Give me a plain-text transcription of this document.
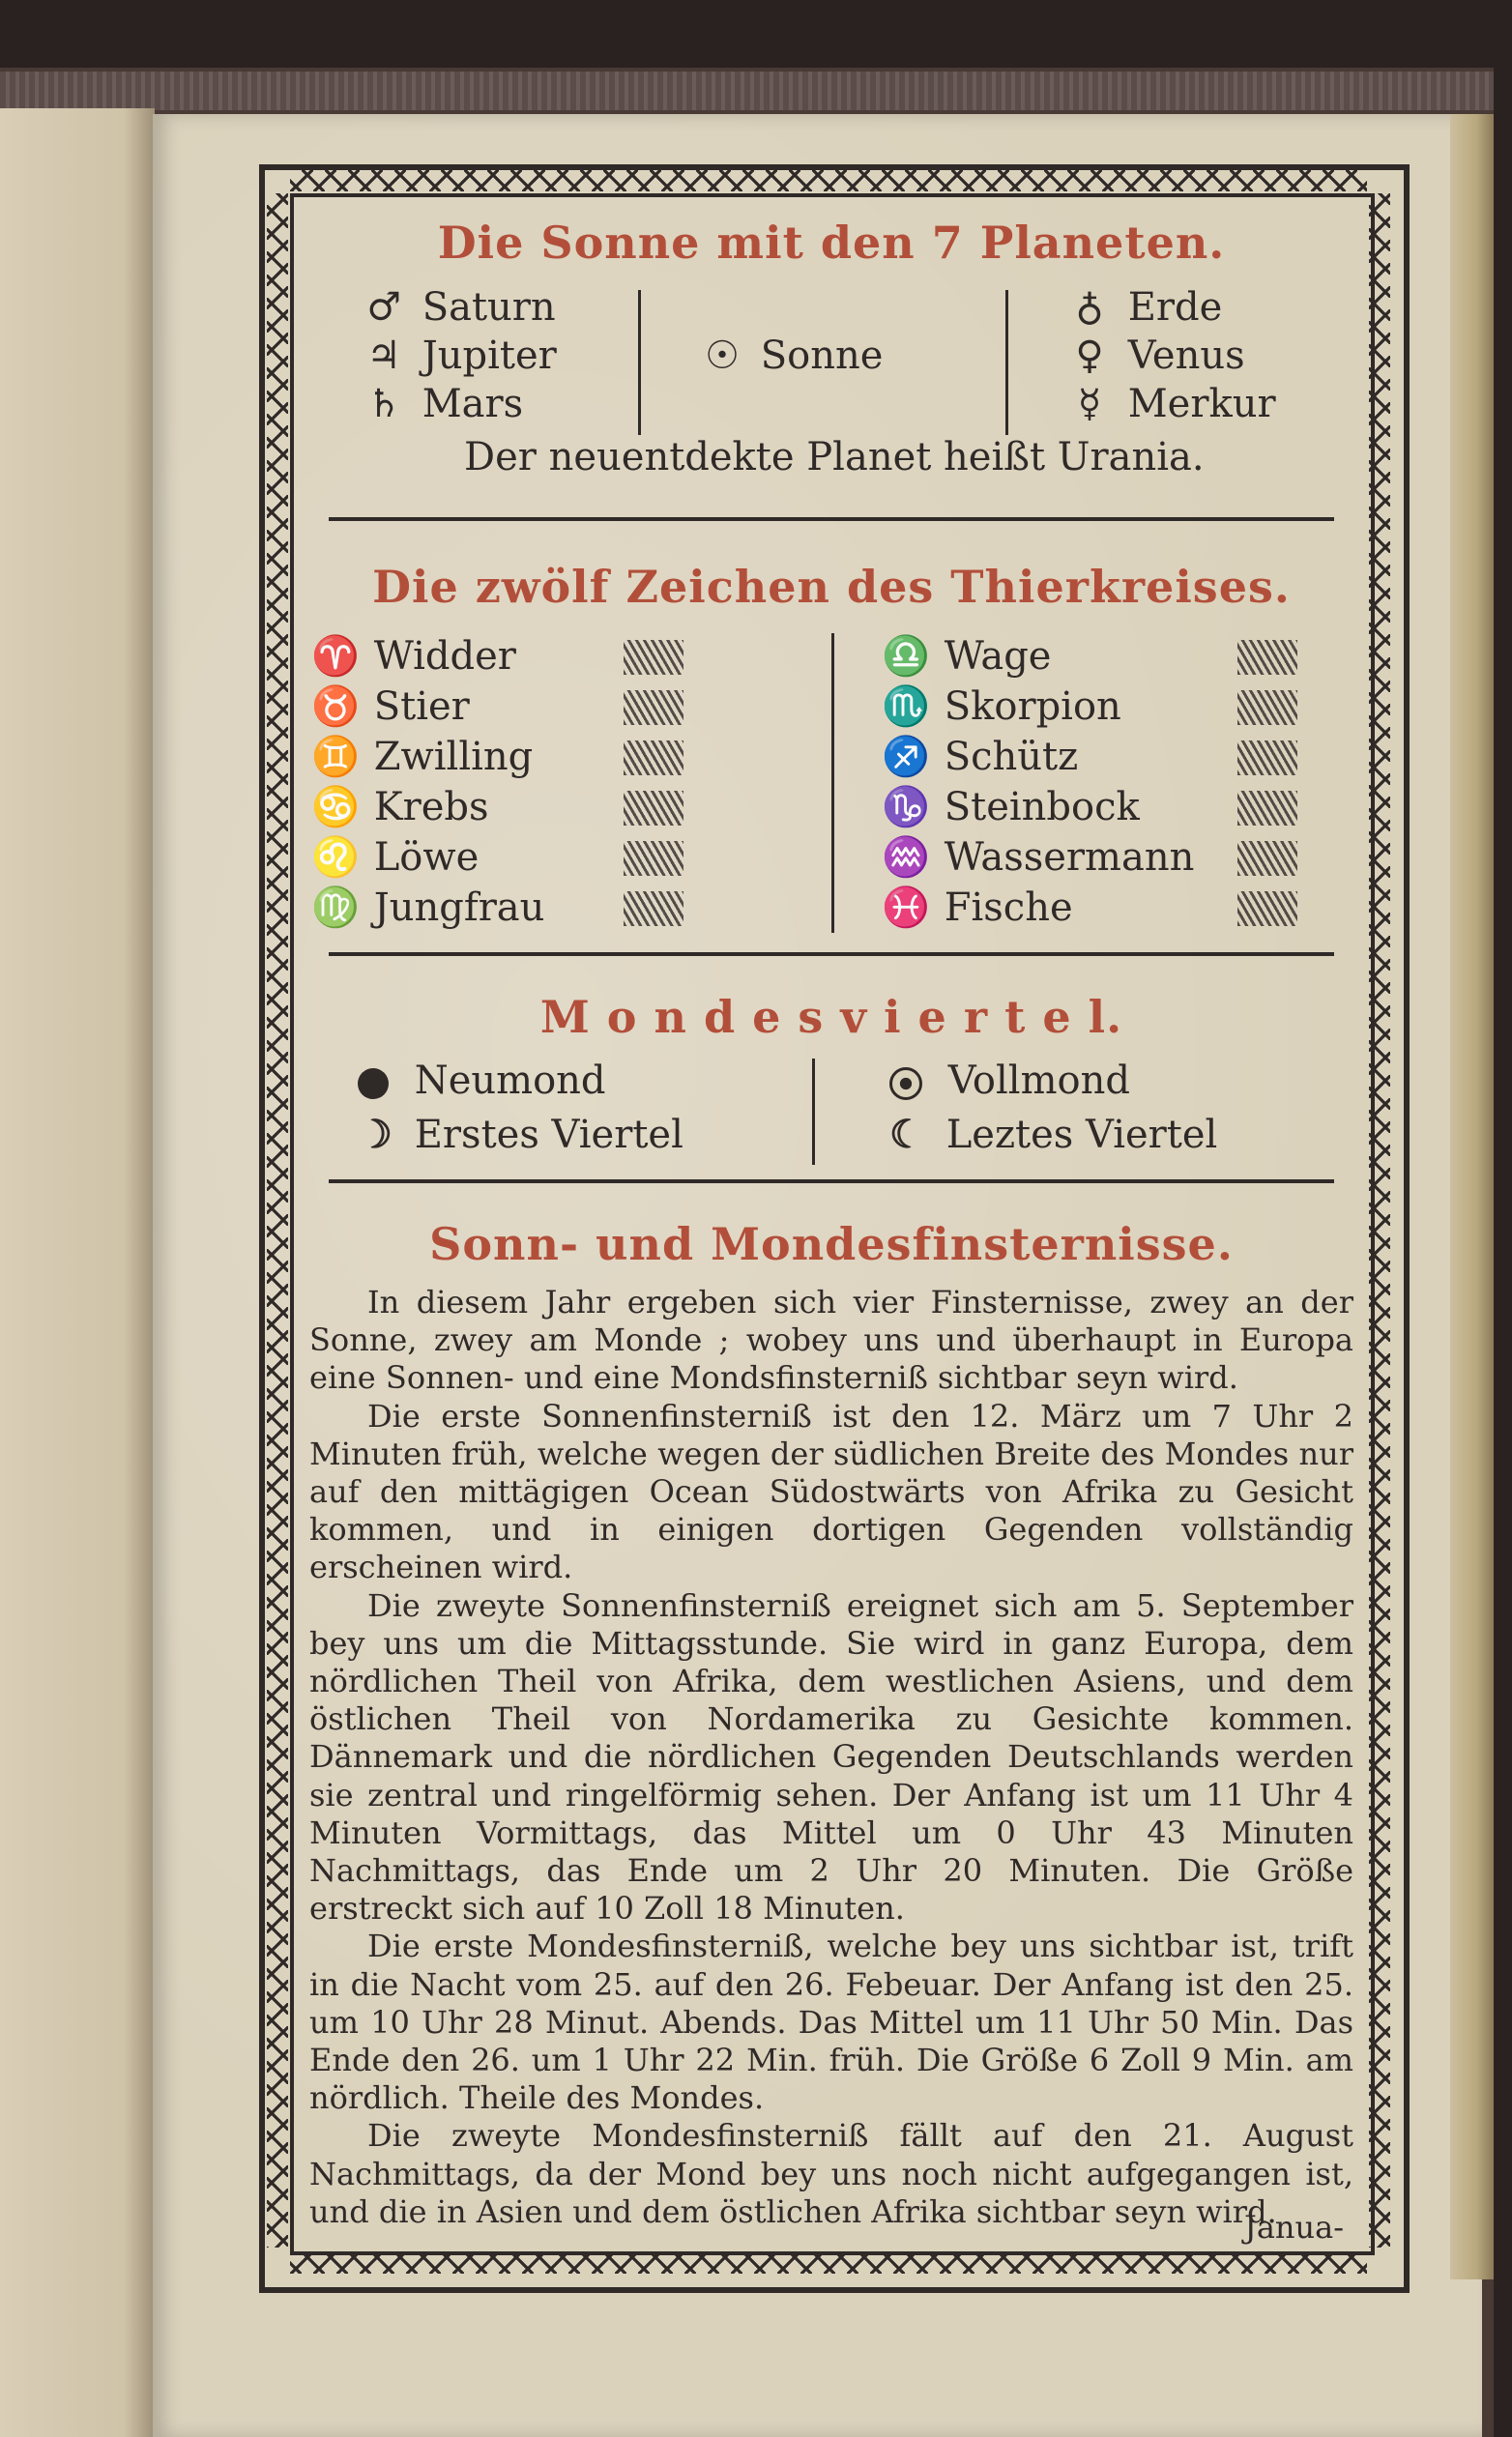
Die Sonne mit den 7 Planeten.
♂ Saturn
♃ Jupiter
♄ Mars
☉ Sonne
♁ Erde
♀ Venus
☿ Merkur
Der neuentdekte Planet heißt Urania.
Die zwölf Zeichen des Thierkreises.
♈ Widder
♉ Stier
♊ Zwilling
♋ Krebs
♌ Löwe
♍ Jungfrau
♎ Wage
♏ Skorpion
♐ Schütz
♑ Steinbock
♒ Wassermann
♓ Fische
M o n d e s v i e r t e l.
Neumond
☽ Erstes Viertel
Vollmond
☾ Leztes Viertel
Sonn- und Mondesfinsternisse.

In diesem Jahr ergeben sich vier Finsternisse, zwey an der Sonne, zwey am Monde ; wobey uns und überhaupt in Europa eine Sonnen- und eine Mondsfinsterniß sichtbar seyn wird.

Die erste Sonnenfinsterniß ist den 12. März um 7 Uhr 2 Minuten früh, welche wegen der südlichen Breite des Mondes nur auf den mittägigen Ocean Südostwärts von Afrika zu Gesicht kommen, und in einigen dortigen Gegenden vollständig erscheinen wird.

Die zweyte Sonnenfinsterniß ereignet sich am 5. September bey uns um die Mittagsstunde. Sie wird in ganz Europa, dem nördlichen Theil von Afrika, dem westlichen Asiens, und dem östlichen Theil von Nordamerika zu Gesichte kommen. Dännemark und die nördlichen Gegenden Deutschlands werden sie zentral und ringelförmig sehen. Der Anfang ist um 11 Uhr 4 Minuten Vormittags, das Mittel um 0 Uhr 43 Minuten Nachmittags, das Ende um 2 Uhr 20 Minuten. Die Größe erstreckt sich auf 10 Zoll 18 Minuten.

Die erste Mondesfinsterniß, welche bey uns sichtbar ist, trift in die Nacht vom 25. auf den 26. Febeuar. Der Anfang ist den 25. um 10 Uhr 28 Minut. Abends. Das Mittel um 11 Uhr 50 Min. Das Ende den 26. um 1 Uhr 22 Min. früh. Die Größe 6 Zoll 9 Min. am nördlich. Theile des Mondes.

Die zweyte Mondesfinsterniß fällt auf den 21. August Nachmittags, da der Mond bey uns noch nicht aufgegangen ist, und die in Asien und dem östlichen Afrika sichtbar seyn wird.

Janua-
